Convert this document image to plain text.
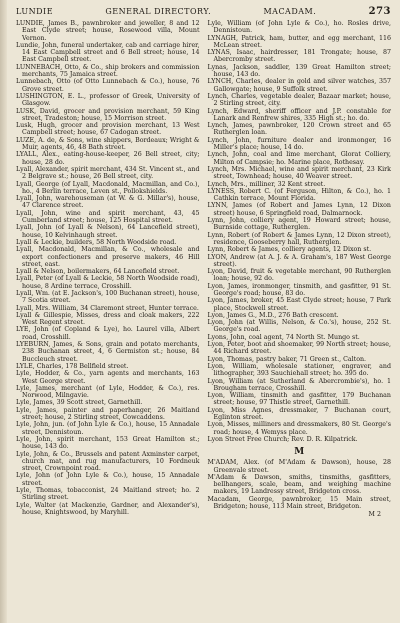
LUNDIE	GENERAL DIRECTORY.	MACADAM.	273
LUNDIE, James B., pawnbroker and jeweller, 8 and 12 East Clyde street; house, Rosewood villa, Mount Vernon.
Lundie, John, funeral undertaker, cab and carriage hirer, 14 East Campbell street and 6 Bell street; house, 14 East Campbell street.
LUNNEBACH, Otto, & Co., ship brokers and commission merchants, 75 Jamaica street.
Lunnebach, Otto (of Otto Lunnebach & Co.), house, 76 Grove street.
LUSHINGTON, E. L., professor of Greek, University of Glasgow.
LUSK, David, grocer and provision merchant, 59 King street, Tradeston; house, 15 Morrison street.
Lusk, Hugh, grocer and provision merchant, 13 West Campbell street; house, 67 Cadogan street.
LUZE, A. de, & Sons, wine shippers, Bordeaux; Wright & Muir, agents, 46, 48 Bath street.
LYALL, Alex., eating-house-keeper, 26 Bell street, city; house, 28 do.
Lyall, Alexander, spirit merchant, 434 St. Vincent st., and 2 Belgrave st.; house, 26 Bell street, city.
Lyall, George (of Lyall, Macdonald, Macmillan, and Co.), ho., 4 Berlin terrace, Leven st., Pollokshields.
Lyall, John, warehouseman (at W. & G. Millar's), house, 47 Clarence street.
Lyall, John, wine and spirit merchant, 43, 45 Cumberland street; house, 125 Hospital street.
Lyall, John (of Lyall & Nelson), 64 Lancefield street), house, 10 Kelvinhaugh street.
Lyall & Leckie, builders, 58 North Woodside road.
Lyall, Macdonald, Macmillan, & Co., wholesale and export confectioners and preserve makers, 46 Hill street, east.
Lyall & Nelson, boilermakers, 64 Lancefield street.
Lyall, Peter (of Lyall & Leckie, 58 North Woodside road), house, 8 Ardine terrace, Crosshill.
Lyall, Wm. (at E. Jackson's, 100 Buchanan street), house, 7 Scotia street.
Lyall, Mrs. William, 34 Claremont street, Hunter terrace.
Lyall & Gillespie, Misses, dress and cloak makers, 222 West Regent street.
LYE, John (of Copland & Lye), ho. Laurel villa, Albert road, Crosshill.
LYEBURN, James, & Sons, grain and potato merchants, 238 Buchanan street, 4, 6 Germiston st.; house, 84 Buccleuch street.
LYLE, Charles, 178 Bellfield street.
Lyle, Hodder, & Co., yarn agents and merchants, 163 West George street.
Lyle, James, merchant (of Lyle, Hodder, & Co.), res. Norwood, Milngavie.
Lyle, James, 39 Scott street, Garnethill.
Lyle, James, painter and paperhanger, 26 Maitland street; house, 2 Stirling street, Cowcaddens.
Lyle, John, jun. (of John Lyle & Co.), house, 15 Annadale street, Dennistoun.
Lyle, John, spirit merchant, 153 Great Hamilton st.; house, 143 do.
Lyle, John, & Co., Brussels and patent Axminster carpet, church mat, and rug manufacturers, 10 Fordneuk street, Crownpoint road.
Lyle, John (of John Lyle & Co.), house, 15 Annadale street.
Lyle, Thomas, tobacconist, 24 Maitland street; ho. 2 Stirling street.
Lyle, Walter (at Mackenzie, Gardner, and Alexander's), house, Knightswood, by Maryhill.
Lyle, William (of John Lyle & Co.), ho. Rosles drive, Dennistoun.
LYNAGH, Patrick, ham, butter, and egg merchant, 116 McLean street.
LYNAS, Isaac, hairdresser, 181 Trongate; house, 87 Abercromby street.
Lynas, Jackson, saddler, 139 Great Hamilton street; house, 143 do.
LYNCH, Charles, dealer in gold and silver watches, 357 Gallowgate; house, 9 Suffolk street.
Lynch, Charles, vegetable dealer, Bazaar market; house, 2 Stirling street, city.
Lynch, Edward, sheriff officer and J.P. constable for Lanark and Renfrew shires, 335 High st.; ho. do.
Lynch, James, pawnbroker, 120 Crown street and 65 Rutherglen loan.
Lynch, John, furniture dealer and ironmonger, 16 Miller's place; house, 14 do.
Lynch, John, coal and lime merchant, Glorat Colliery, Milton of Campsie; ho. Marine place, Rothesay.
Lynch, Mrs. Michael, wine and spirit merchant, 23 Kirk street, Townhead; house, 40 Weaver street.
Lynch, Mrs., milliner, 32 Kent street.
LYNESS, Robert C. (of Ferguson, Hilton, & Co.), ho. 1 Cathkin terrace, Mount Florida.
LYNN, James (of Robert and James Lynn, 12 Dixon street) house, 6 Springfield road, Dalmarnock.
Lynn, John, colliery agent, 19 Howard street; house, Burnside cottage, Rutherglen.
Lynn, Robert (of Robert & James Lynn, 12 Dixon street), residence, Gooseberry hall, Rutherglen.
Lynn, Robert & James, colliery agents, 12 Dixon st.
LYON, Andrew (at A. J. & A. Graham's, 187 West George street).
Lyon, David, fruit & vegetable merchant, 90 Rutherglen loan; house, 92 do.
Lyon, James, ironmonger, tinsmith, and gasfitter, 91 St. George's road; house, 83 do.
Lyon, James, broker, 45 East Clyde street; house, 7 Park place, Stockwell street.
Lyon, James G., M.D., 276 Bath crescent.
Lyon, John (at Willis, Nelson, & Co.'s), house, 252 St. George's road.
Lyons, John, coal agent, 74 North St. Mungo st.
Lyon, Peter, boot and shoemaker, 99 North street; house, 44 Richard street.
Lyon, Thomas, pastry baker, 71 Green st., Calton.
Lyon, William, wholesale stationer, engraver, and lithographer, 393 Sauchiehall street; ho. 395 do.
Lyon, William (at Sutherland & Abercrombie's), ho. 1 Brougham terrace, Crosshill.
Lyon, William, tinsmith and gasfitter, 179 Buchanan street; house, 97 Thistle street, Garnethill.
Lyon, Miss Agnes, dressmaker, 7 Buchanan court, Eglinton street.
Lyon, Misses, milliners and dressmakers, 80 St. George's road; house, 4 Wemyss place.
Lyon Street Free Church; Rev. D. R. Kilpatrick.
M
M'ADAM, Alex. (of M'Adam & Dawson), house, 28 Greenvale street.
M'Adam & Dawson, smiths, tinsmiths, gasfitters, bellhangers, scale, beam, and weighing machine makers, 19 Landressy street, Bridgeton cross.
Macadam, George, pawnbroker, 15 Main street, Bridgeton; house, 113 Main street, Bridgeton.
M 2
